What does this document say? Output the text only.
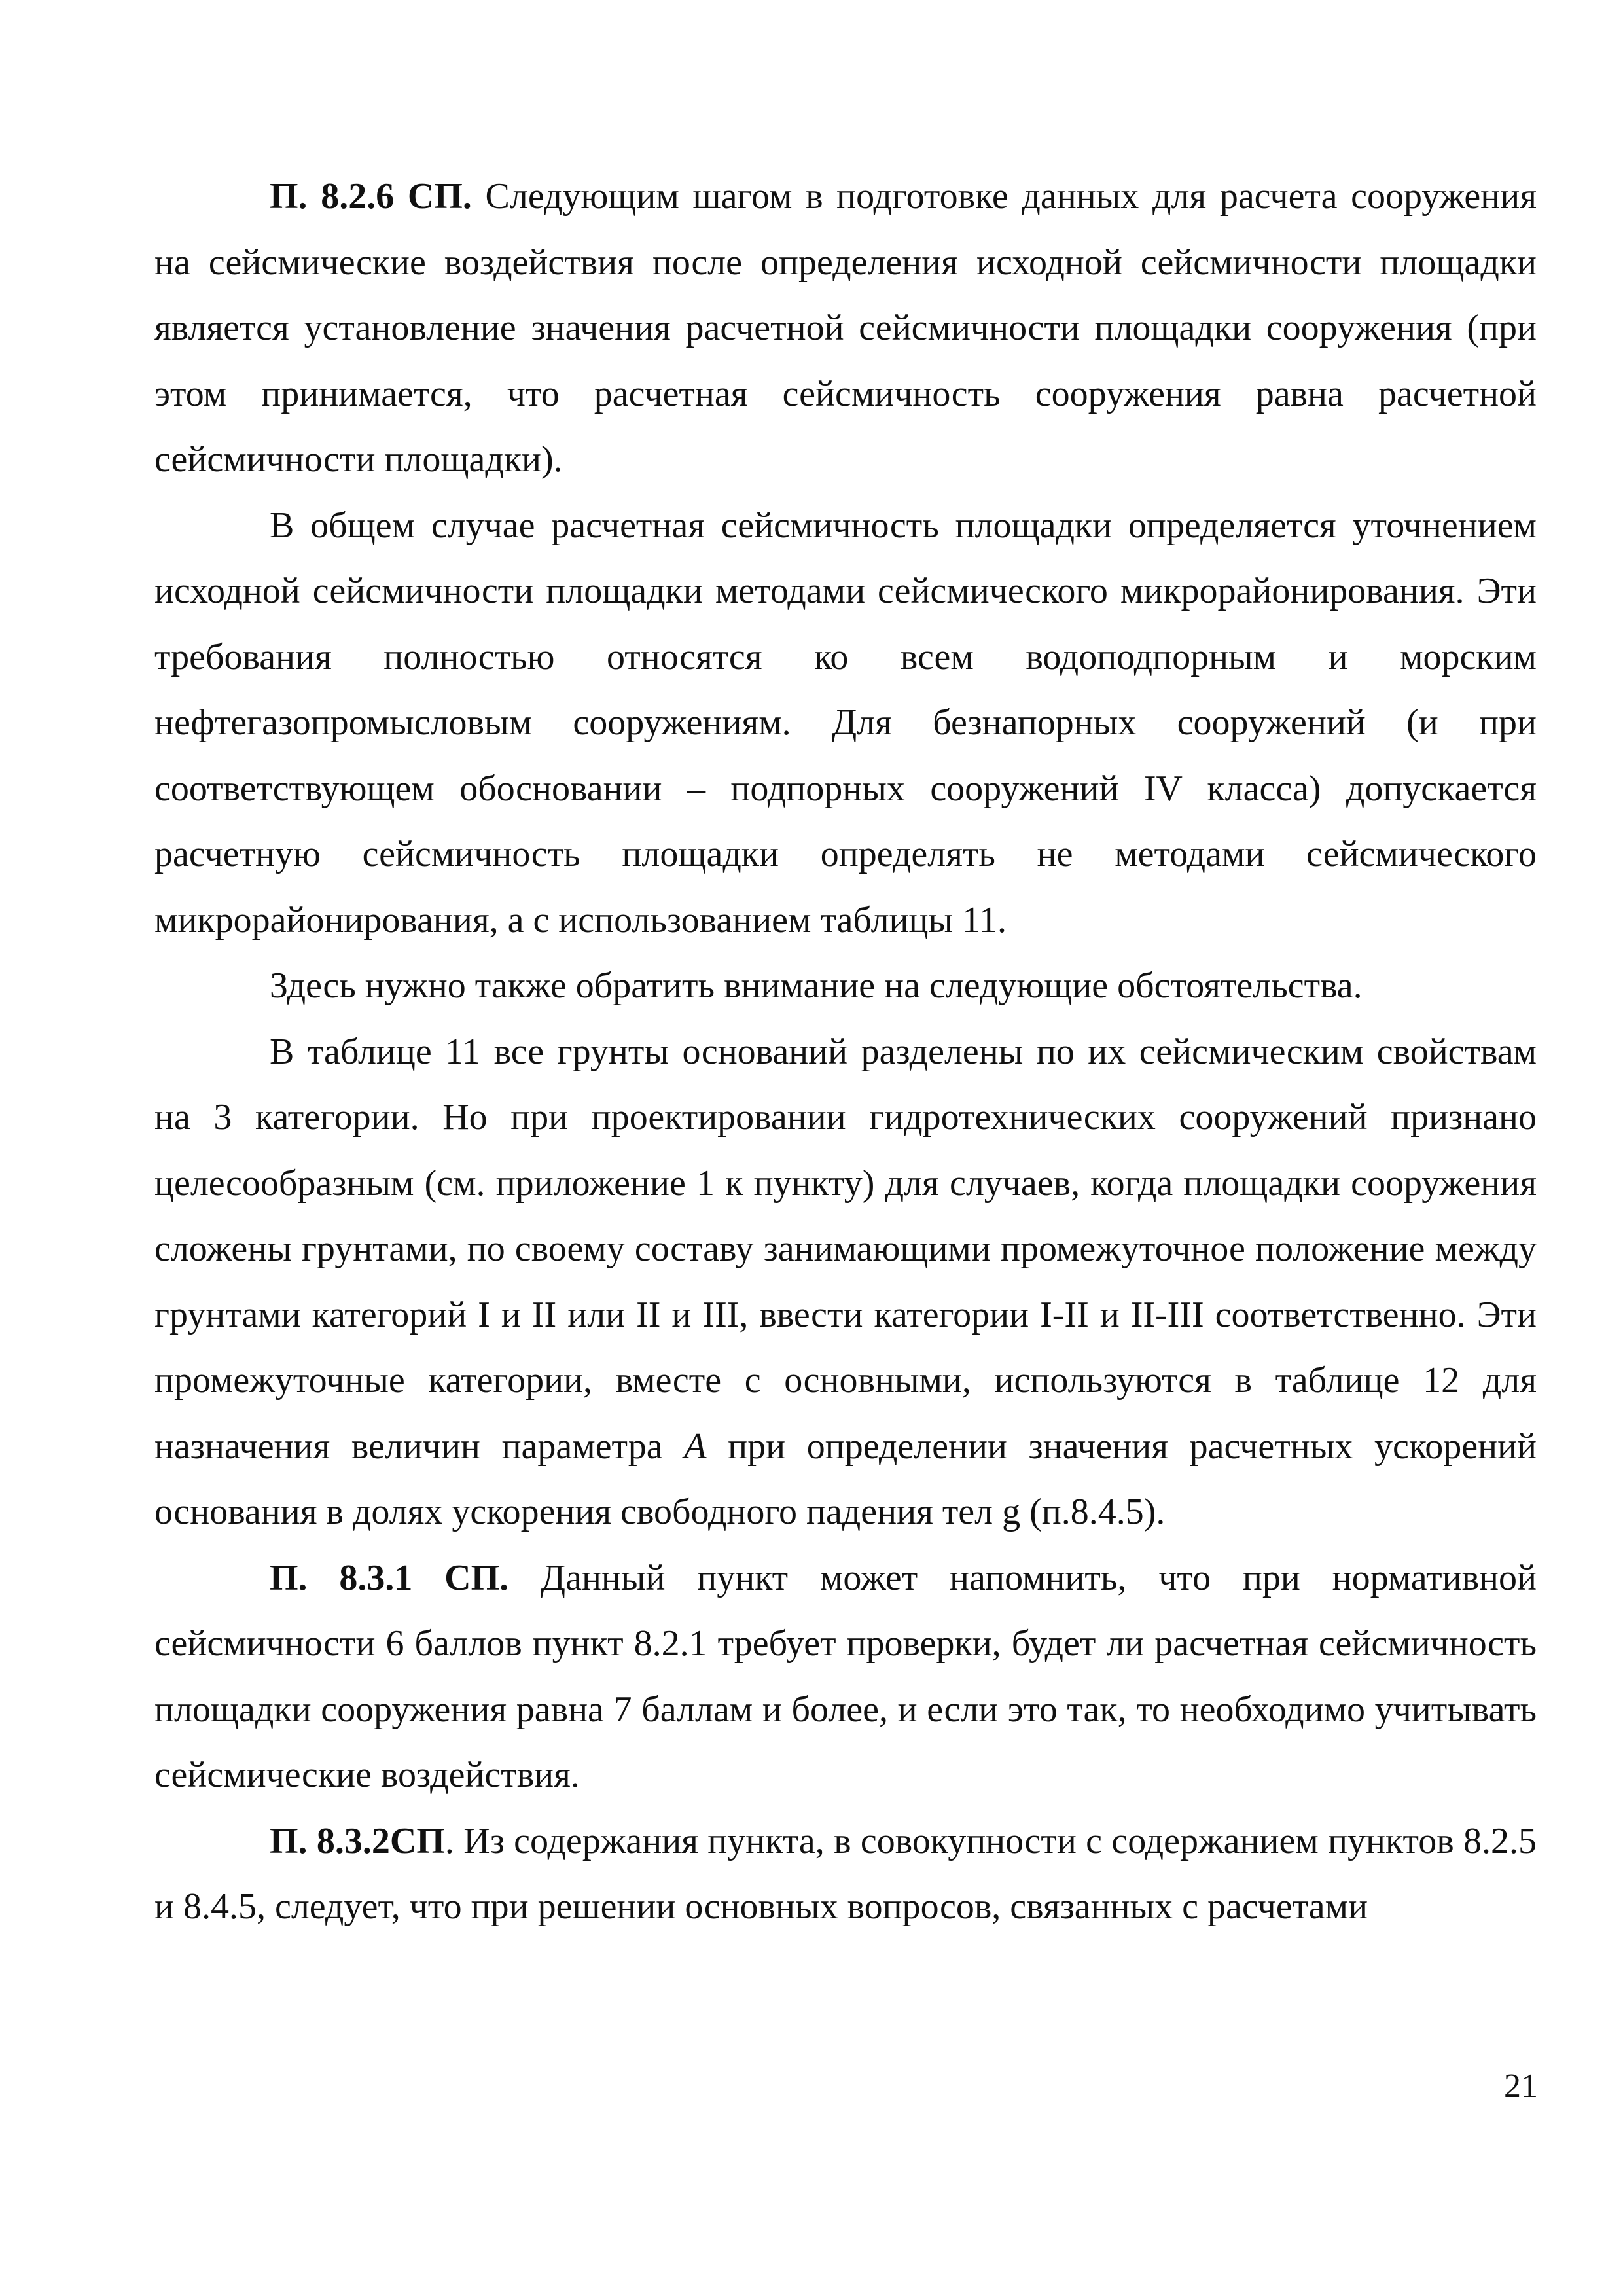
П. 8.2.6 СП. Следующим шагом в подготовке данных для расчета сооружения на сейсмические воздействия после определения исходной сейсмичности площадки является установление значения расчетной сейсмичности площадки сооружения (при этом принимается, что расчетная сейсмичность сооружения равна расчетной сейсмичности площадки).

В общем случае расчетная сейсмичность площадки определяется уточнением исходной сейсмичности площадки методами сейсмического микрорайонирования. Эти требования полностью относятся ко всем водоподпорным и морским нефтегазопромысловым сооружениям. Для безнапорных сооружений (и при соответствующем обосновании – подпорных сооружений IV класса) допускается расчетную сейсмичность площадки определять не методами сейсмического микрорайонирования, а с использованием таблицы 11.

Здесь нужно также обратить внимание на следующие обстоятельства.

В таблице 11 все грунты оснований разделены по их сейсмическим свойствам на 3 категории. Но при проектировании гидротехнических сооружений признано целесообразным (см. приложение 1 к пункту) для случаев, когда площадки сооружения сложены грунтами, по своему составу занимающими промежуточное положение между грунтами категорий I и II или II и III, ввести категории I-II и II-III соответственно. Эти промежуточные категории, вместе с основными, используются в таблице 12 для назначения величин параметра A при определении значения расчетных ускорений основания в долях ускорения свободного падения тел g (п.8.4.5).

П. 8.3.1 СП. Данный пункт может напомнить, что при нормативной сейсмичности 6 баллов пункт 8.2.1 требует проверки, будет ли расчетная сейсмичность площадки сооружения равна 7 баллам и более, и если это так, то необходимо учитывать сейсмические воздействия.

П. 8.3.2СП. Из содержания пункта, в совокупности с содержанием пунктов 8.2.5 и 8.4.5, следует, что при решении основных вопросов, связанных с расчетами

21
